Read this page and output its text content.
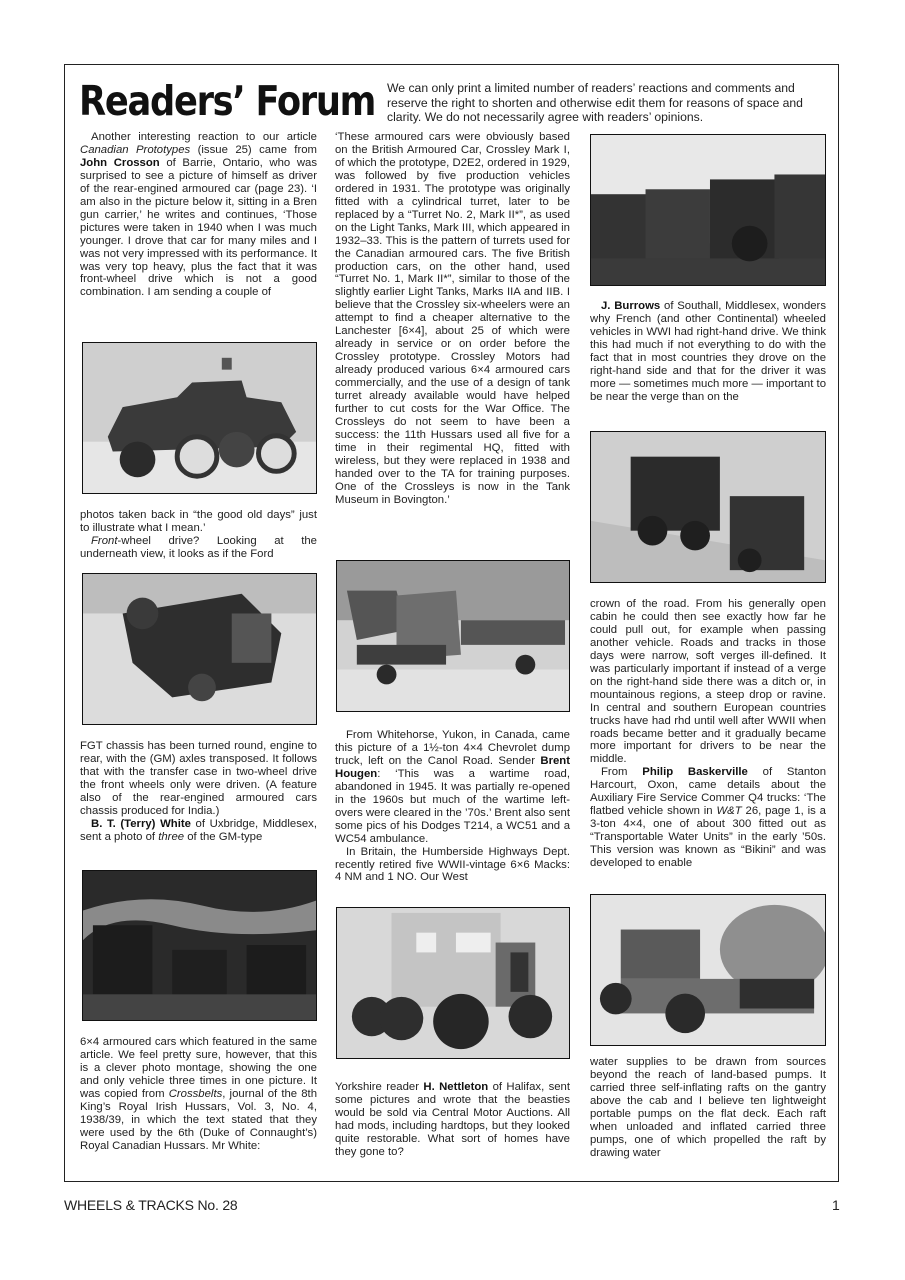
Readers’ Forum We can only print a limited number of readers’ reactions and comments and reserve the right to shorten and otherwise edit them for reasons of space and clarity. We do not necessarily agree with readers’ opinions.

Another interesting reaction to our article Canadian Prototypes (issue 25) came from John Crosson of Barrie, Ontario, who was surprised to see a picture of himself as driver of the rear-engined armoured car (page 23). ‘I am also in the picture below it, sitting in a Bren gun carrier,’ he writes and continues, ‘Those pictures were taken in 1940 when I was much younger. I drove that car for many miles and I was not very impressed with its performance. It was very top heavy, plus the fact that it was front-wheel drive which is not a good combination. I am sending a couple of

photos taken back in “the good old days” just to illustrate what I mean.’

Front-wheel drive? Looking at the underneath view, it looks as if the Ford

FGT chassis has been turned round, engine to rear, with the (GM) axles transposed. It follows that with the transfer case in two-wheel drive the front wheels only were driven. (A feature also of the rear-engined armoured cars chassis produced for India.)

B. T. (Terry) White of Uxbridge, Middlesex, sent a photo of three of the GM-type

6×4 armoured cars which featured in the same article. We feel pretty sure, however, that this is a clever photo montage, showing the one and only vehicle three times in one picture. It was copied from Crossbelts, journal of the 8th King’s Royal Irish Hussars, Vol. 3, No. 4, 1938/39, in which the text stated that they were used by the 6th (Duke of Connaught’s) Royal Canadian Hussars. Mr White:

‘These armoured cars were obviously based on the British Armoured Car, Crossley Mark I, of which the prototype, D2E2, ordered in 1929, was followed by five production vehicles ordered in 1931. The prototype was originally fitted with a cylindrical turret, later to be replaced by a “Turret No. 2, Mark II*”, as used on the Light Tanks, Mark III, which appeared in 1932–33. This is the pattern of turrets used for the Canadian armoured cars. The five British production cars, on the other hand, used “Turret No. 1, Mark II*”, similar to those of the slightly earlier Light Tanks, Marks IIA and IIB. I believe that the Crossley six-wheelers were an attempt to find a cheaper alternative to the Lanchester [6×4], about 25 of which were already in service or on order before the Crossley prototype. Crossley Motors had already produced various 6×4 armoured cars commercially, and the use of a design of tank turret already available would have helped further to cut costs for the War Office. The Crossleys do not seem to have been a success: the 11th Hussars used all five for a time in their regimental HQ, fitted with wireless, but they were replaced in 1938 and handed over to the TA for training purposes. One of the Crossleys is now in the Tank Museum in Bovington.’

From Whitehorse, Yukon, in Canada, came this picture of a 1½-ton 4×4 Chevrolet dump truck, left on the Canol Road. Sender Brent Hougen: ‘This was a wartime road, abandoned in 1945. It was partially re-opened in the 1960s but much of the wartime left-overs were cleared in the ’70s.’ Brent also sent some pics of his Dodges T214, a WC51 and a WC54 ambulance.

In Britain, the Humberside Highways Dept. recently retired five WWII-vintage 6×6 Macks: 4 NM and 1 NO. Our West

Yorkshire reader H. Nettleton of Halifax, sent some pictures and wrote that the beasties would be sold via Central Motor Auctions. All had mods, including hardtops, but they looked quite restorable. What sort of homes have they gone to?

J. Burrows of Southall, Middlesex, wonders why French (and other Continental) wheeled vehicles in WWI had right-hand drive. We think this had much if not everything to do with the fact that in most countries they drove on the right-hand side and that for the driver it was more — sometimes much more — important to be near the verge than on the

crown of the road. From his generally open cabin he could then see exactly how far he could pull out, for example when passing another vehicle. Roads and tracks in those days were narrow, soft verges ill-defined. It was particularly important if instead of a verge on the right-hand side there was a ditch or, in mountainous regions, a steep drop or ravine. In central and southern European countries trucks have had rhd until well after WWII when roads became better and it gradually became more important for drivers to be near the middle.

From Philip Baskerville of Stanton Harcourt, Oxon, came details about the Auxiliary Fire Service Commer Q4 trucks: ‘The flatbed vehicle shown in W&T 26, page 1, is a 3-ton 4×4, one of about 300 fitted out as “Transportable Water Units” in the early ’50s. This version was known as “Bikini” and was developed to enable

water supplies to be drawn from sources beyond the reach of land-based pumps. It carried three self-inflating rafts on the gantry above the cab and I believe ten lightweight portable pumps on the flat deck. Each raft when unloaded and inflated carried three pumps, one of which propelled the raft by drawing water

WHEELS & TRACKS No. 28	1
